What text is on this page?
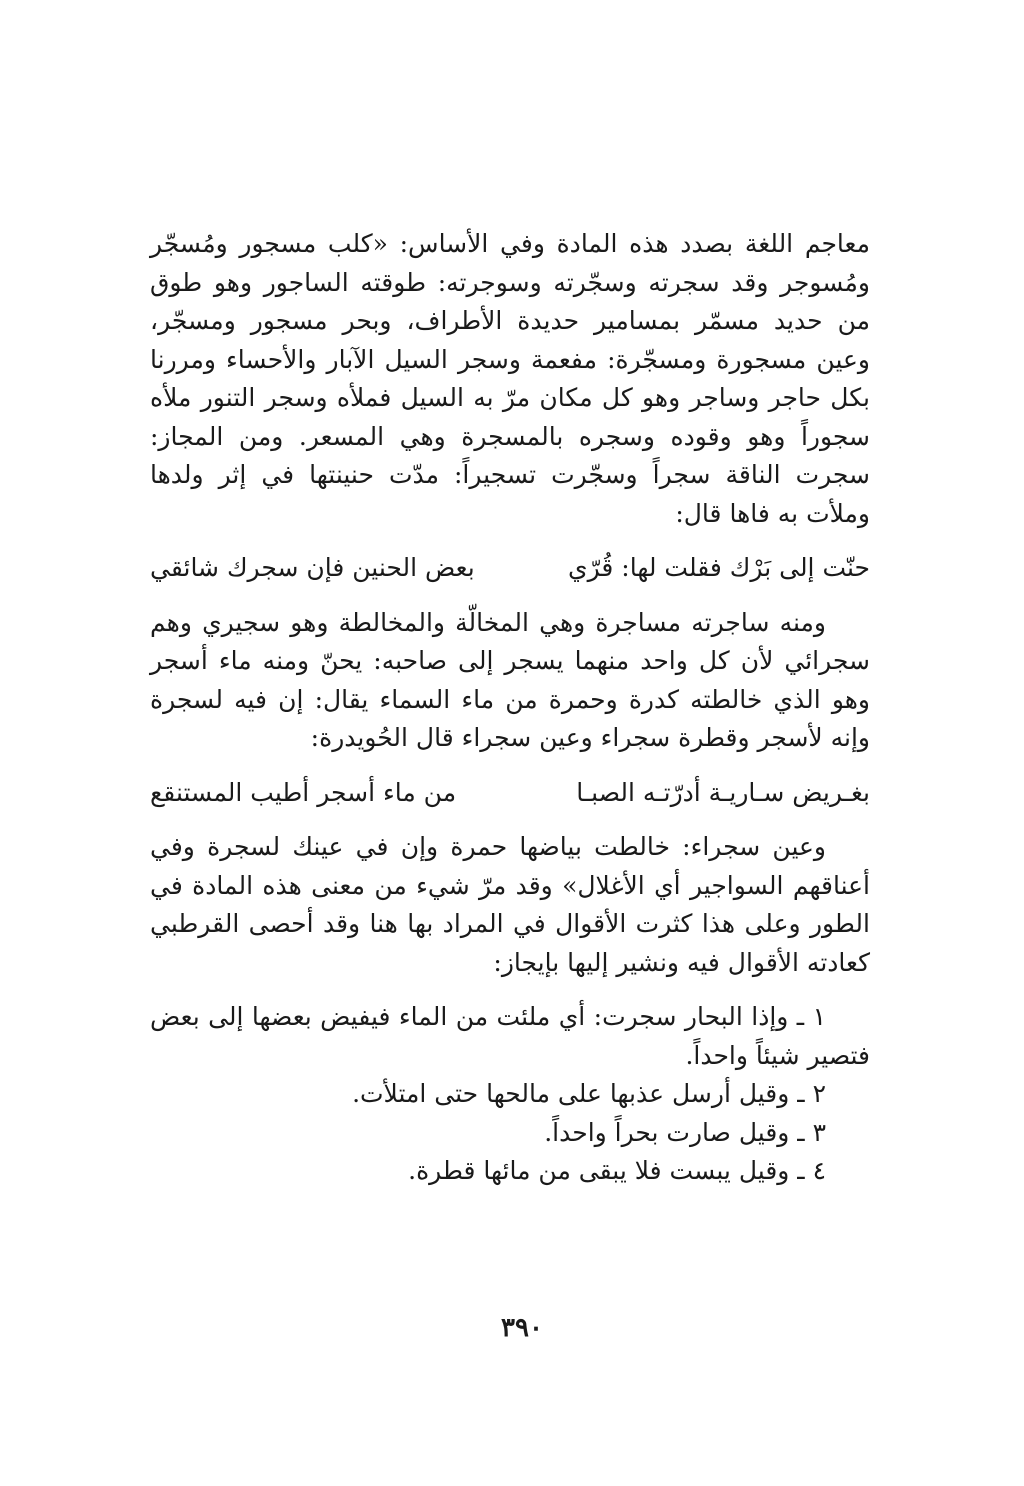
معاجم اللغة بصدد هذه المادة وفي الأساس: «كلب مسجور ومُسجّر ومُسوجر وقد سجرته وسجّرته وسوجرته: طوقته الساجور وهو طوق من حديد مسمّر بمسامير حديدة الأطراف، وبحر مسجور ومسجّر، وعين مسجورة ومسجّرة: مفعمة وسجر السيل الآبار والأحساء ومررنا بكل حاجر وساجر وهو كل مكان مرّ به السيل فملأه وسجر التنور ملأه سجوراً وهو وقوده وسجره بالمسجرة وهي المسعر. ومن المجاز: سجرت الناقة سجراً وسجّرت تسجيراً: مدّت حنينتها في إثر ولدها وملأت به فاها قال:

حنّت إلى بَرْك فقلت لها: قُرّي
بعض الحنين فإن سجرك شائقي

ومنه ساجرته مساجرة وهي المخالّة والمخالطة وهو سجيري وهم سجرائي لأن كل واحد منهما يسجر إلى صاحبه: يحنّ ومنه ماء أسجر وهو الذي خالطته كدرة وحمرة من ماء السماء يقال: إن فيه لسجرة وإنه لأسجر وقطرة سجراء وعين سجراء قال الحُويدرة:

بغـريض سـاريـة أدرّتـه الصبـا
من ماء أسجر أطيب المستنقع

وعين سجراء: خالطت بياضها حمرة وإن في عينك لسجرة وفي أعناقهم السواجير أي الأغلال» وقد مرّ شيء من معنى هذه المادة في الطور وعلى هذا كثرت الأقوال في المراد بها هنا وقد أحصى القرطبي كعادته الأقوال فيه ونشير إليها بإيجاز:

١ ـ وإذا البحار سجرت: أي ملئت من الماء فيفيض بعضها إلى بعض فتصير شيئاً واحداً.

٢ ـ وقيل أرسل عذبها على مالحها حتى امتلأت.

٣ ـ وقيل صارت بحراً واحداً.

٤ ـ وقيل يبست فلا يبقى من مائها قطرة.

٣٩٠
